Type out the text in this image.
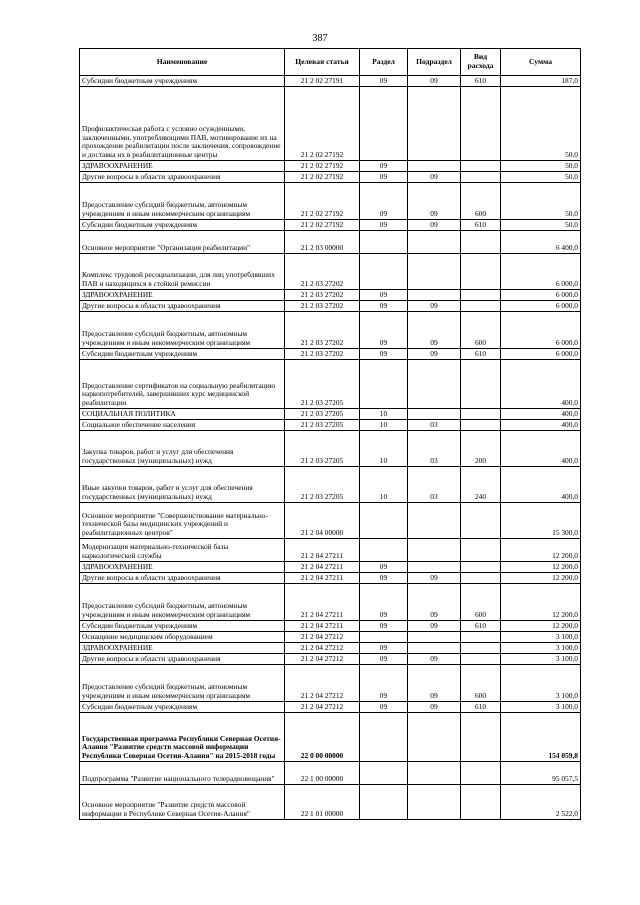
387
Наименование	Целевая статья	Раздел	Подраздел	Вид расхода	Сумма
Субсидии бюджетным учреждениям	21 2 02 27191	09	09	610	187,0
Профилактическая работа с условно осужденными, заключенными, употребляющими ПАВ, мотивирование их на прохождение реабилитации после заключения, сопровождение и доставка их в реабилитационные центры	21 2 02 27192				50,0
ЗДРАВООХРАНЕНИЕ	21 2 02 27192	09			50,0
Другие вопросы в области здравоохранения	21 2 02 27192	09	09		50,0
Предоставление субсидий бюджетным, автономным учреждениям и иным некоммерческим организациям	21 2 02 27192	09	09	600	50,0
Субсидии бюджетным учреждениям	21 2 02 27192	09	09	610	50,0
Основное мероприятие "Организация реабилитации"	21 2 03 00000				6 400,0
Комплекс трудовой ресоциализации, для лиц употреблявших ПАВ и находящихся в стойкой ремиссии	21 2 03 27202				6 000,0
ЗДРАВООХРАНЕНИЕ	21 2 03 27202	09			6 000,0
Другие вопросы в области здравоохранения	21 2 03 27202	09	09		6 000,0
Предоставление субсидий бюджетным, автономным учреждениям и иным некоммерческим организациям	21 2 03 27202	09	09	600	6 000,0
Субсидии бюджетным учреждениям	21 2 03 27202	09	09	610	6 000,0
Предоставление сертификатов на социальную реабилитацию наркопотребителей, завершивших курс медицинской реабилитации	21 2 03 27205				400,0
СОЦИАЛЬНАЯ ПОЛИТИКА	21 2 03 27205	10			400,0
Социальное обеспечение населения	21 2 03 27205	10	03		400,0
Закупка товаров, работ и услуг для обеспечения государственных (муниципальных) нужд	21 2 03 27205	10	03	200	400,0
Иные закупки товаров, работ и услуг для обеспечения государственных (муниципальных) нужд	21 2 03 27205	10	03	240	400,0
Основное мероприятие "Совершенствование материально-технической базы медицинских учреждений и реабилитационных центров"	21 2 04 00000				15 300,0
Модернизация материально-технической базы наркологической службы	21 2 04 27211				12 200,0
ЗДРАВООХРАНЕНИЕ	21 2 04 27211	09			12 200,0
Другие вопросы в области здравоохранения	21 2 04 27211	09	09		12 200,0
Предоставление субсидий бюджетным, автономным учреждениям и иным некоммерческим организациям	21 2 04 27211	09	09	600	12 200,0
Субсидии бюджетным учреждениям	21 2 04 27211	09	09	610	12 200,0
Оснащение медицинским оборудованием	21 2 04 27212				3 100,0
ЗДРАВООХРАНЕНИЕ	21 2 04 27212	09			3 100,0
Другие вопросы в области здравоохранения	21 2 04 27212	09	09		3 100,0
Предоставление субсидий бюджетным, автономным учреждениям и иным некоммерческим организациям	21 2 04 27212	09	09	600	3 100,0
Субсидии бюджетным учреждениям	21 2 04 27212	09	09	610	3 100,0
Государственная программа Республики Северная Осетия-Алания "Развитие средств массовой информации Республики Северная Осетия-Алания" на 2015-2018 годы	22 0 00 00000				154 059,8
Подпрограмма "Развитие национального телерадиовещания"	22 1 00 00000				95 057,5
Основное мероприятие "Развитие средств массовой информации в Республике Северная Осетия-Алания"	22 1 01 00000				2 522,0
